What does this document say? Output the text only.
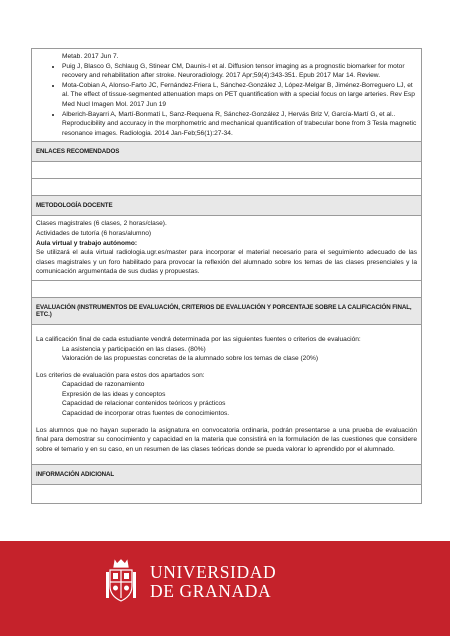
Metab. 2017 Jun 7.

• Puig J, Blasco G, Schlaug G, Stinear CM, Daunis-I et al. Diffusion tensor imaging as a prognostic biomarker for motor recovery and rehabilitation after stroke. Neuroradiology. 2017 Apr;59(4):343-351. Epub 2017 Mar 14. Review.
• Mota-Cobian A, Alonso-Farto JC, Fernández-Friera L, Sánchez-González J, López-Melgar B, Jiménez-Borreguero LJ, et al. The effect of tissue-segmented attenuation maps on PET quantification with a special focus on large arteries. Rev Esp Med Nucl Imagen Mol. 2017 Jun 19
• Alberich-Bayarri A, Martí-Bonmatí L, Sanz-Requena R, Sánchez-González J, Hervás Briz V, García-Martí G, et al.. Reproducibility and accuracy in the morphometric and mechanical quantification of trabecular bone from 3 Tesla magnetic resonance images. Radiologia. 2014 Jan-Feb;56(1):27-34.
ENLACES RECOMENDADOS
METODOLOGÍA DOCENTE

Clases magistrales (6 clases, 2 horas/clase).

Actividades de tutoría (6 horas/alumno)

Aula virtual y trabajo autónomo:

Se utilizará el aula virtual radiologia.ugr.es/master para incorporar el material necesario para el seguimiento adecuado de las clases magistrales y un foro habilitado para provocar la reflexión del alumnado sobre los temas de las clases presenciales y la comunicación argumentada de sus dudas y propuestas.

EVALUACIÓN (INSTRUMENTOS DE EVALUACIÓN, CRITERIOS DE EVALUACIÓN Y PORCENTAJE SOBRE LA CALIFICACIÓN FINAL, ETC.)

La calificación final de cada estudiante vendrá determinada por las siguientes fuentes o criterios de evaluación:

La asistencia y participación en las clases. (80%)

Valoración de las propuestas concretas de la alumnado sobre los temas de clase (20%)

Los criterios de evaluación para estos dos apartados son:

Capacidad de razonamiento

Expresión de las ideas y conceptos

Capacidad de relacionar contenidos teóricos y prácticos

Capacidad de incorporar otras fuentes de conocimientos.

Los alumnos que no hayan superado la asignatura en convocatoria ordinaria, podrán presentarse a una prueba de evaluación final para demostrar su conocimiento y capacidad en la materia que consistirá en la formulación de las cuestiones que considere sobre el temario y en su caso, en un resumen de las clases teóricas donde se pueda valorar lo aprendido por el alumnado.

INFORMACIÓN ADICIONAL
UNIVERSIDAD
DE GRANADA
